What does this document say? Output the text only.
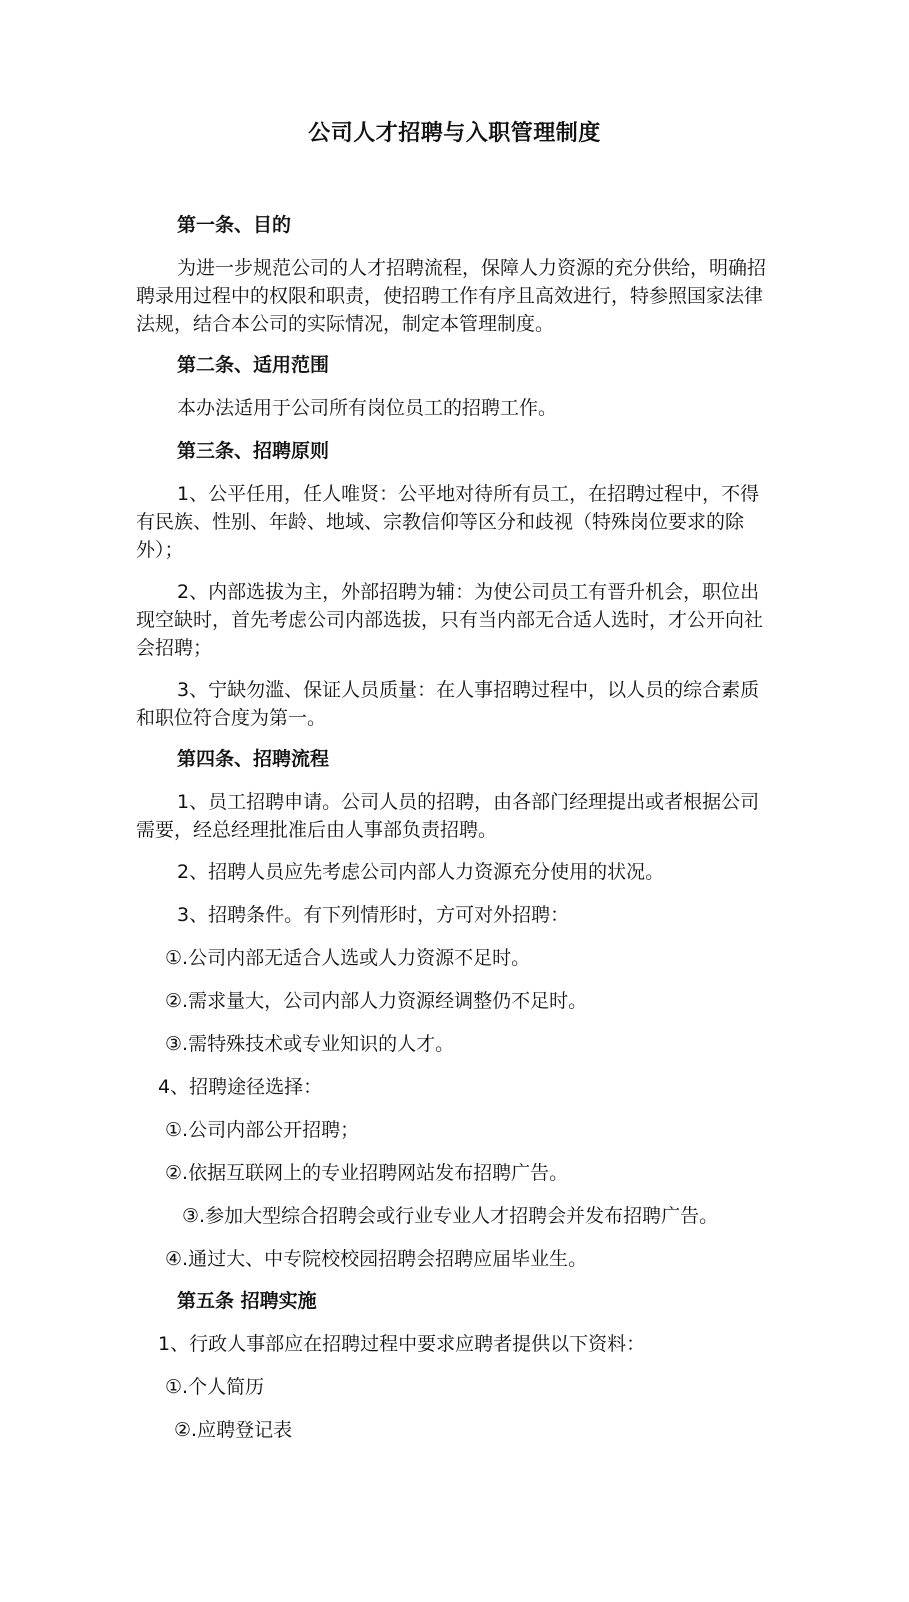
公司人才招聘与入职管理制度
第一条、目的
为进一步规范公司的人才招聘流程，保障人力资源的充分供给，明确招聘录用过程中的权限和职责，使招聘工作有序且高效进行，特参照国家法律法规，结合本公司的实际情况，制定本管理制度。
第二条、适用范围
本办法适用于公司所有岗位员工的招聘工作。
第三条、招聘原则
1、公平任用，任人唯贤：公平地对待所有员工，在招聘过程中，不得有民族、性别、年龄、地域、宗教信仰等区分和歧视（特殊岗位要求的除外）；
2、内部选拔为主，外部招聘为辅：为使公司员工有晋升机会，职位出现空缺时，首先考虑公司内部选拔，只有当内部无合适人选时，才公开向社会招聘；
3、宁缺勿滥、保证人员质量：在人事招聘过程中，以人员的综合素质和职位符合度为第一。
第四条、招聘流程
1、员工招聘申请。公司人员的招聘，由各部门经理提出或者根据公司需要，经总经理批准后由人事部负责招聘。
2、招聘人员应先考虑公司内部人力资源充分使用的状况。
3、招聘条件。有下列情形时，方可对外招聘：
①.公司内部无适合人选或人力资源不足时。
②.需求量大，公司内部人力资源经调整仍不足时。
③.需特殊技术或专业知识的人才。
4、招聘途径选择：
①.公司内部公开招聘；
②.依据互联网上的专业招聘网站发布招聘广告。
③.参加大型综合招聘会或行业专业人才招聘会并发布招聘广告。
④.通过大、中专院校校园招聘会招聘应届毕业生。
第五条 招聘实施
1、行政人事部应在招聘过程中要求应聘者提供以下资料：
①.个人简历
②.应聘登记表
